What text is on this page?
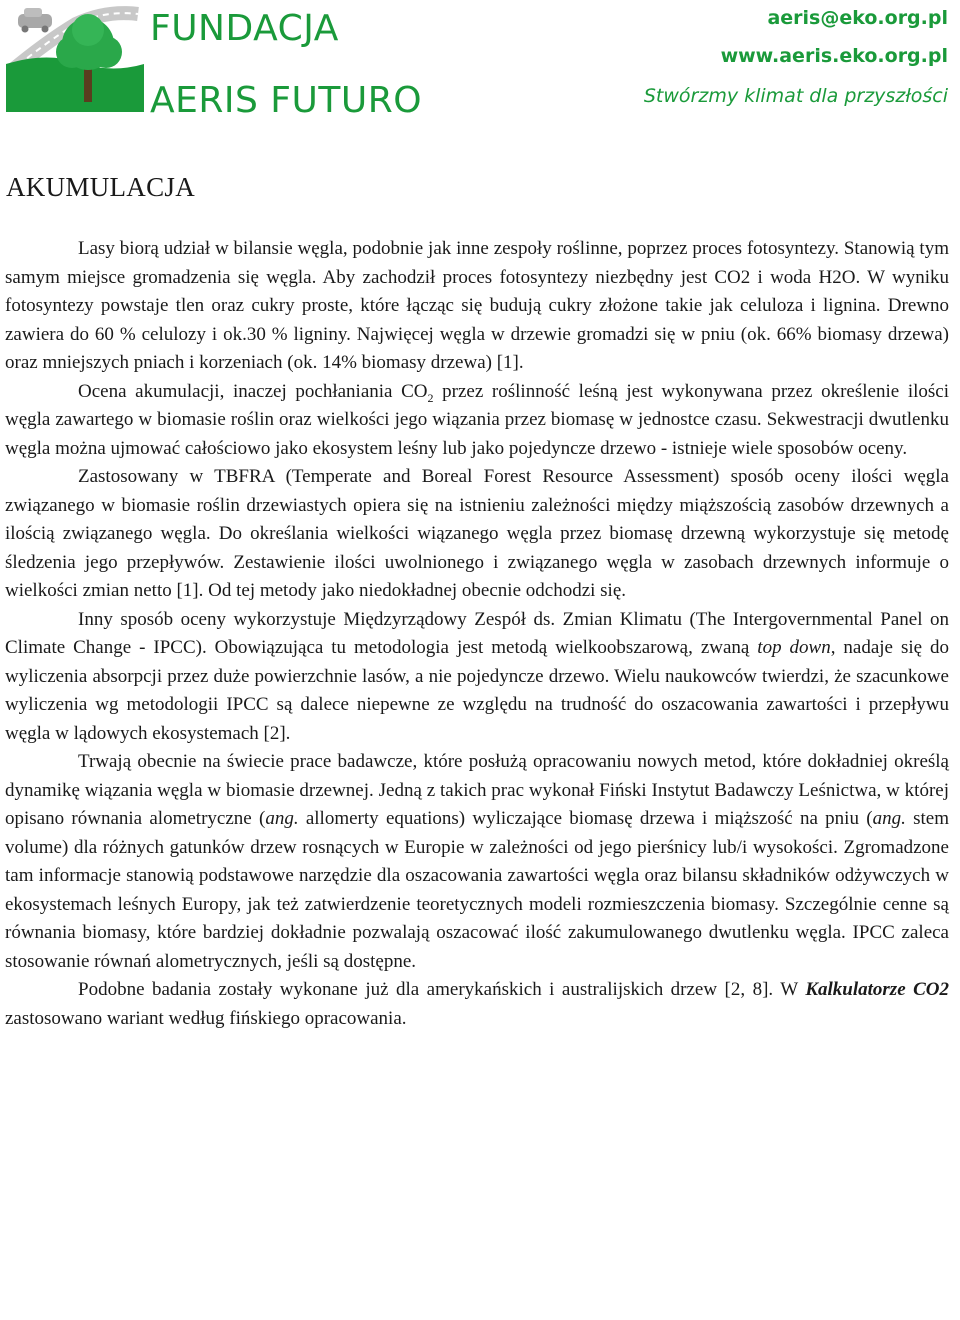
FUNDACJA
AERIS FUTURO
aeris@eko.org.pl
www.aeris.eko.org.pl
Stwórzmy klimat dla przyszłości
AKUMULACJA

Lasy biorą udział w bilansie węgla, podobnie jak inne zespoły roślinne, poprzez proces fotosyntezy. Stanowią tym samym miejsce gromadzenia się węgla. Aby zachodził proces fotosyntezy niezbędny jest CO2 i woda H2O. W wyniku fotosyntezy powstaje tlen oraz cukry proste, które łącząc się budują cukry złożone takie jak celuloza i lignina. Drewno zawiera do 60 % celulozy i ok.30 % ligniny. Najwięcej węgla w drzewie gromadzi się w pniu (ok. 66% biomasy drzewa) oraz mniejszych pniach i korzeniach (ok. 14% biomasy drzewa) [1].

Ocena akumulacji, inaczej pochłaniania $CO_2$ przez roślinność leśną jest wykonywana przez określenie ilości węgla zawartego w biomasie roślin oraz wielkości jego wiązania przez biomasę w jednostce czasu. Sekwestracji dwutlenku węgla można ujmować całościowo jako ekosystem leśny lub jako pojedyncze drzewo - istnieje wiele sposobów oceny.

Zastosowany w TBFRA (Temperate and Boreal Forest Resource Assessment) sposób oceny ilości węgla związanego w biomasie roślin drzewiastych opiera się na istnieniu zależności między miąższością zasobów drzewnych a ilością związanego węgla. Do określania wielkości wiązanego węgla przez biomasę drzewną wykorzystuje się metodę śledzenia jego przepływów. Zestawienie ilości uwolnionego i związanego węgla w zasobach drzewnych informuje o wielkości zmian netto [1]. Od tej metody jako niedokładnej obecnie odchodzi się.

Inny sposób oceny wykorzystuje Międzyrządowy Zespół ds. Zmian Klimatu (The Intergovernmental Panel on Climate Change - IPCC). Obowiązująca tu metodologia jest metodą wielkoobszarową, zwaną top down, nadaje się do wyliczenia absorpcji przez duże powierzchnie lasów, a nie pojedyncze drzewo. Wielu naukowców twierdzi, że szacunkowe wyliczenia wg metodologii IPCC są dalece niepewne ze względu na trudność do oszacowania zawartości i przepływu węgla w lądowych ekosystemach [2].

Trwają obecnie na świecie prace badawcze, które posłużą opracowaniu nowych metod, które dokładniej określą dynamikę wiązania węgla w biomasie drzewnej. Jedną z takich prac wykonał Fiński Instytut Badawczy Leśnictwa, w której opisano równania alometryczne (ang. allomerty equations) wyliczające biomasę drzewa i miąższość na pniu (ang. stem volume) dla różnych gatunków drzew rosnących w Europie w zależności od jego pierśnicy lub/i wysokości. Zgromadzone tam informacje stanowią podstawowe narzędzie dla oszacowania zawartości węgla oraz bilansu składników odżywczych w ekosystemach leśnych Europy, jak też zatwierdzenie teoretycznych modeli rozmieszczenia biomasy. Szczególnie cenne są równania biomasy, które bardziej dokładnie pozwalają oszacować ilość zakumulowanego dwutlenku węgla. IPCC zaleca stosowanie równań alometrycznych, jeśli są dostępne.

Podobne badania zostały wykonane już dla amerykańskich i australijskich drzew [2, 8]. W Kalkulatorze CO2 zastosowano wariant według fińskiego opracowania.
